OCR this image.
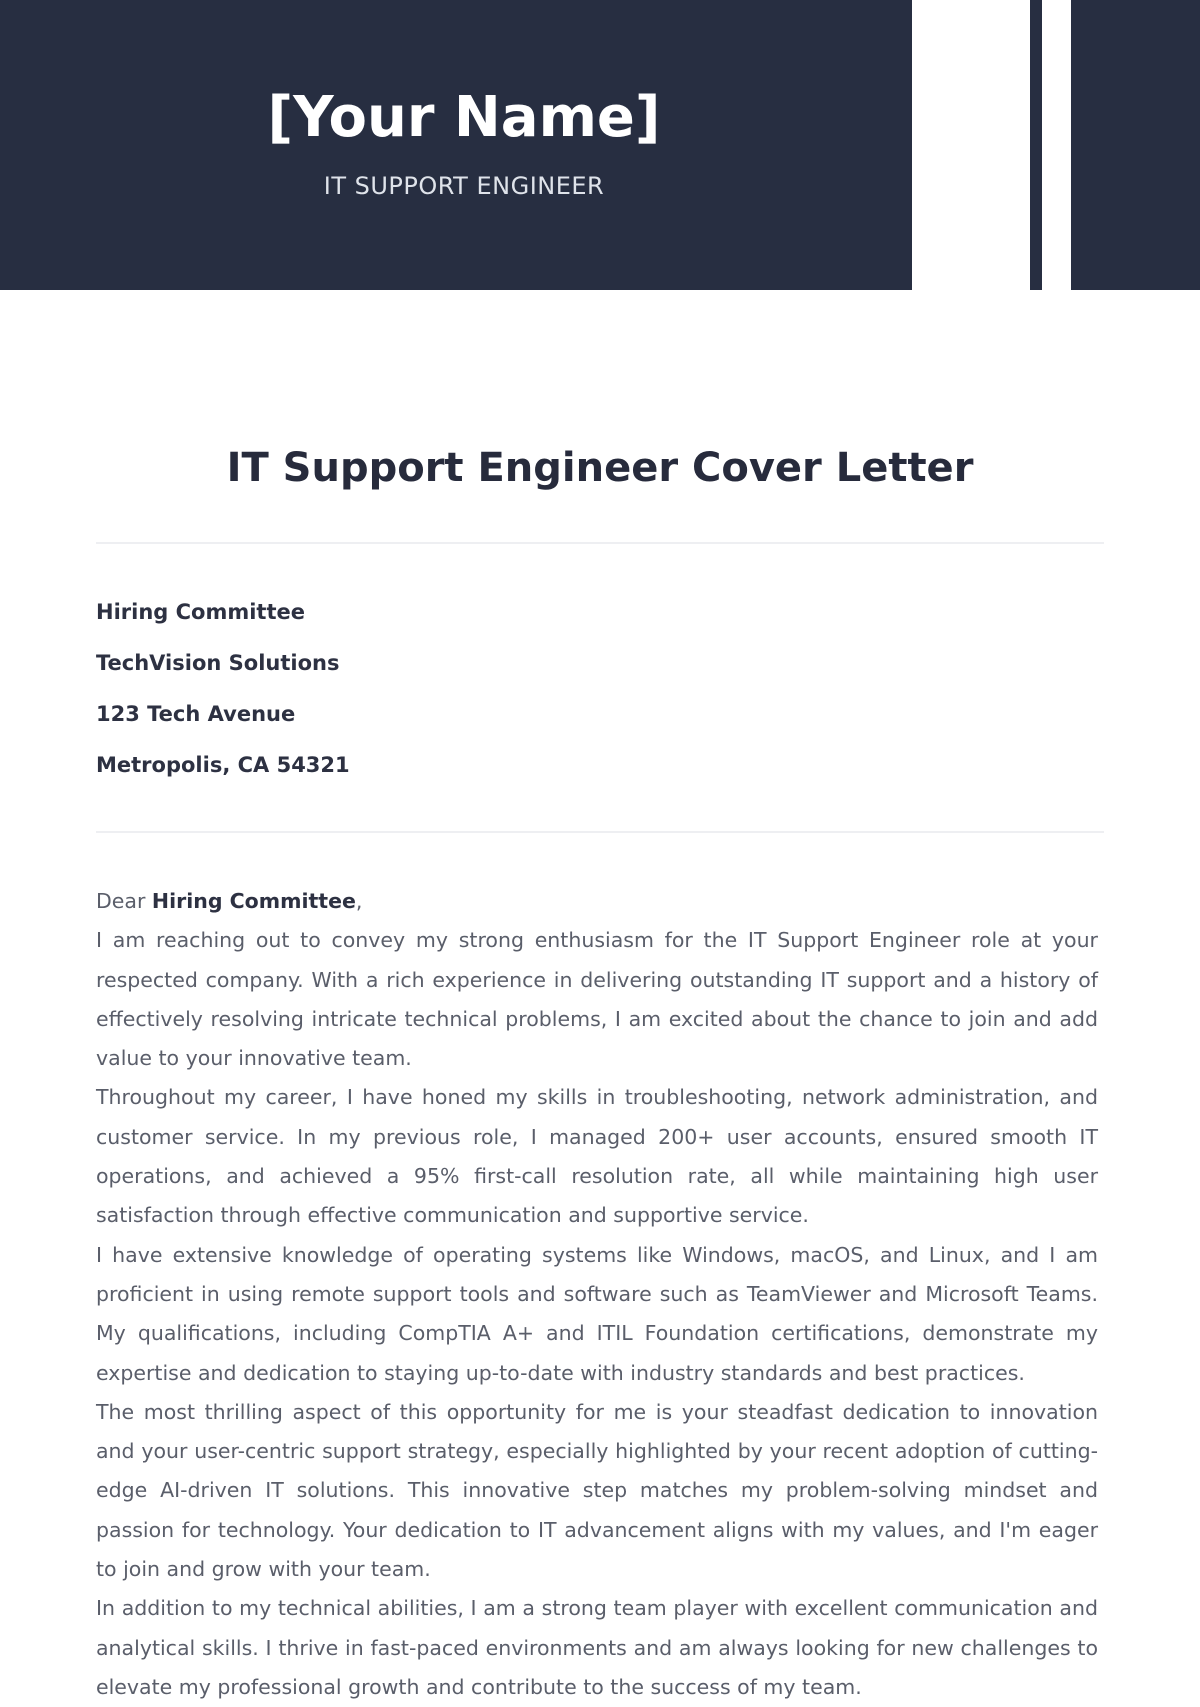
[Your Name]
IT SUPPORT ENGINEER
IT Support Engineer Cover Letter
Hiring Committee
TechVision Solutions
123 Tech Avenue
Metropolis, CA 54321

Dear Hiring Committee,

I am reaching out to convey my strong enthusiasm for the IT Support Engineer role at your respected company. With a rich experience in delivering outstanding IT support and a history of effectively resolving intricate technical problems, I am excited about the chance to join and add value to your innovative team.

Throughout my career, I have honed my skills in troubleshooting, network administration, and customer service. In my previous role, I managed 200+ user accounts, ensured smooth IT operations, and achieved a 95% first-call resolution rate, all while maintaining high user satisfaction through effective communication and supportive service.

I have extensive knowledge of operating systems like Windows, macOS, and Linux, and I am proficient in using remote support tools and software such as TeamViewer and Microsoft Teams. My qualifications, including CompTIA A+ and ITIL Foundation certifications, demonstrate my expertise and dedication to staying up-to-date with industry standards and best practices.

The most thrilling aspect of this opportunity for me is your steadfast dedication to innovation and your user-centric support strategy, especially highlighted by your recent adoption of cutting-edge AI-driven IT solutions. This innovative step matches my problem-solving mindset and passion for technology. Your dedication to IT advancement aligns with my values, and I'm eager to join and grow with your team.

In addition to my technical abilities, I am a strong team player with excellent communication and analytical skills. I thrive in fast-paced environments and am always looking for new challenges to elevate my professional growth and contribute to the success of my team.
